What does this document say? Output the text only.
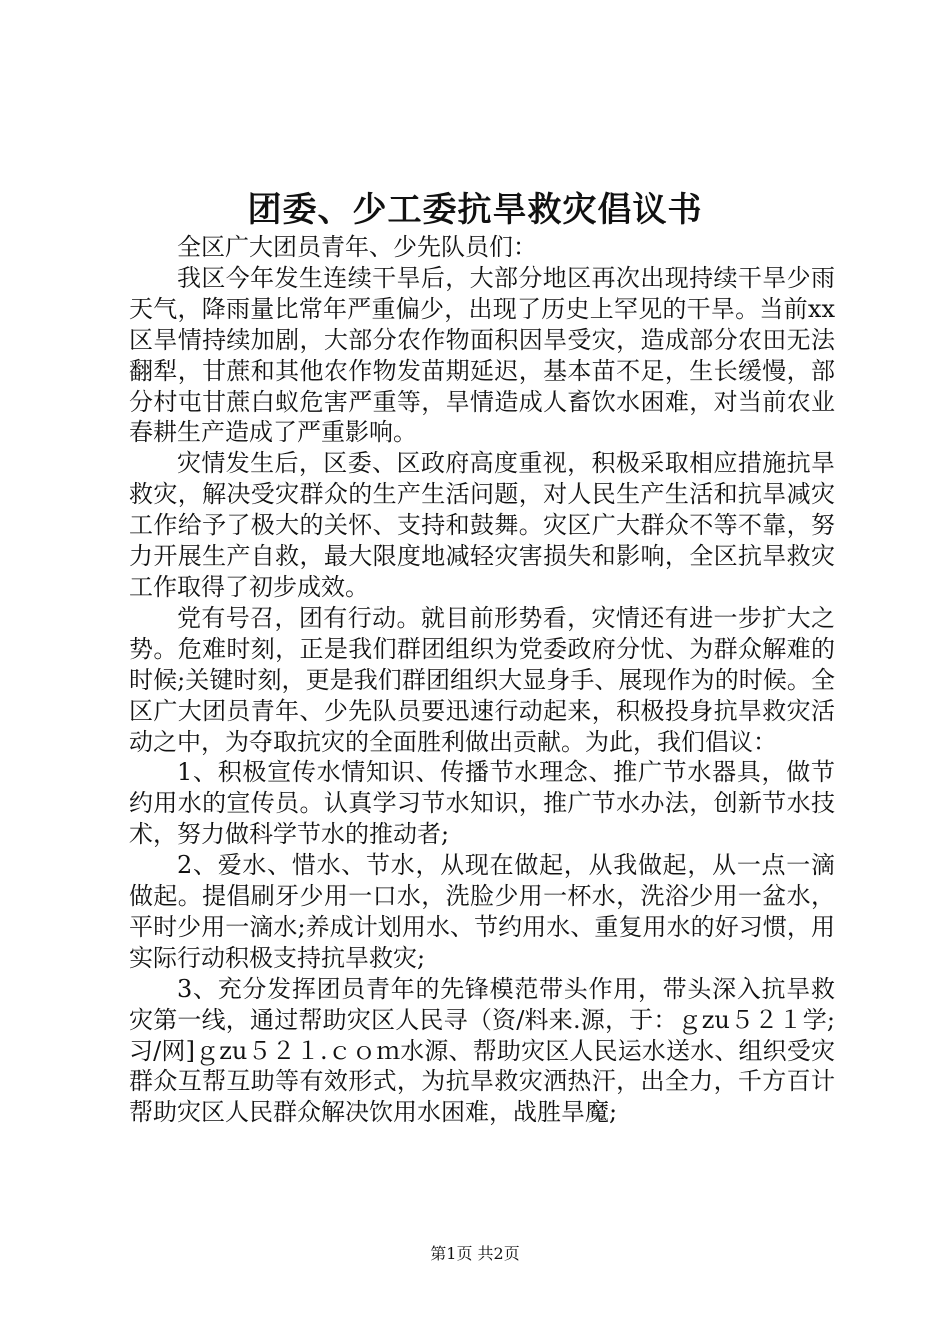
团委、少工委抗旱救灾倡议书

全区广大团员青年、少先队员们：

我区今年发生连续干旱后，大部分地区再次出现持续干旱少雨天气，降雨量比常年严重偏少，出现了历史上罕见的干旱。当前xx区旱情持续加剧，大部分农作物面积因旱受灾，造成部分农田无法翻犁，甘蔗和其他农作物发苗期延迟，基本苗不足，生长缓慢，部分村屯甘蔗白蚁危害严重等，旱情造成人畜饮水困难，对当前农业春耕生产造成了严重影响。

灾情发生后，区委、区政府高度重视，积极采取相应措施抗旱救灾，解决受灾群众的生产生活问题，对人民生产生活和抗旱减灾工作给予了极大的关怀、支持和鼓舞。灾区广大群众不等不靠，努力开展生产自救，最大限度地减轻灾害损失和影响，全区抗旱救灾工作取得了初步成效。

党有号召，团有行动。就目前形势看，灾情还有进一步扩大之势。危难时刻，正是我们群团组织为党委政府分忧、为群众解难的时候;关键时刻，更是我们群团组织大显身手、展现作为的时候。全区广大团员青年、少先队员要迅速行动起来，积极投身抗旱救灾活动之中，为夺取抗灾的全面胜利做出贡献。为此，我们倡议：

1、积极宣传水情知识、传播节水理念、推广节水器具，做节约用水的宣传员。认真学习节水知识，推广节水办法，创新节水技术，努力做科学节水的推动者;

2、爱水、惜水、节水，从现在做起，从我做起，从一点一滴做起。提倡刷牙少用一口水，洗脸少用一杯水，洗浴少用一盆水，平时少用一滴水;养成计划用水、节约用水、重复用水的好习惯，用实际行动积极支持抗旱救灾;

3、充分发挥团员青年的先锋模范带头作用，带头深入抗旱救灾第一线，通过帮助灾区人民寻（资/料来.源，于：ｇzu５２１学;习/网]ｇzu５２１.ｃｏｍ水源、帮助灾区人民运水送水、组织受灾群众互帮互助等有效形式，为抗旱救灾洒热汗，出全力，千方百计帮助灾区人民群众解决饮用水困难，战胜旱魔;

第1页 共2页
